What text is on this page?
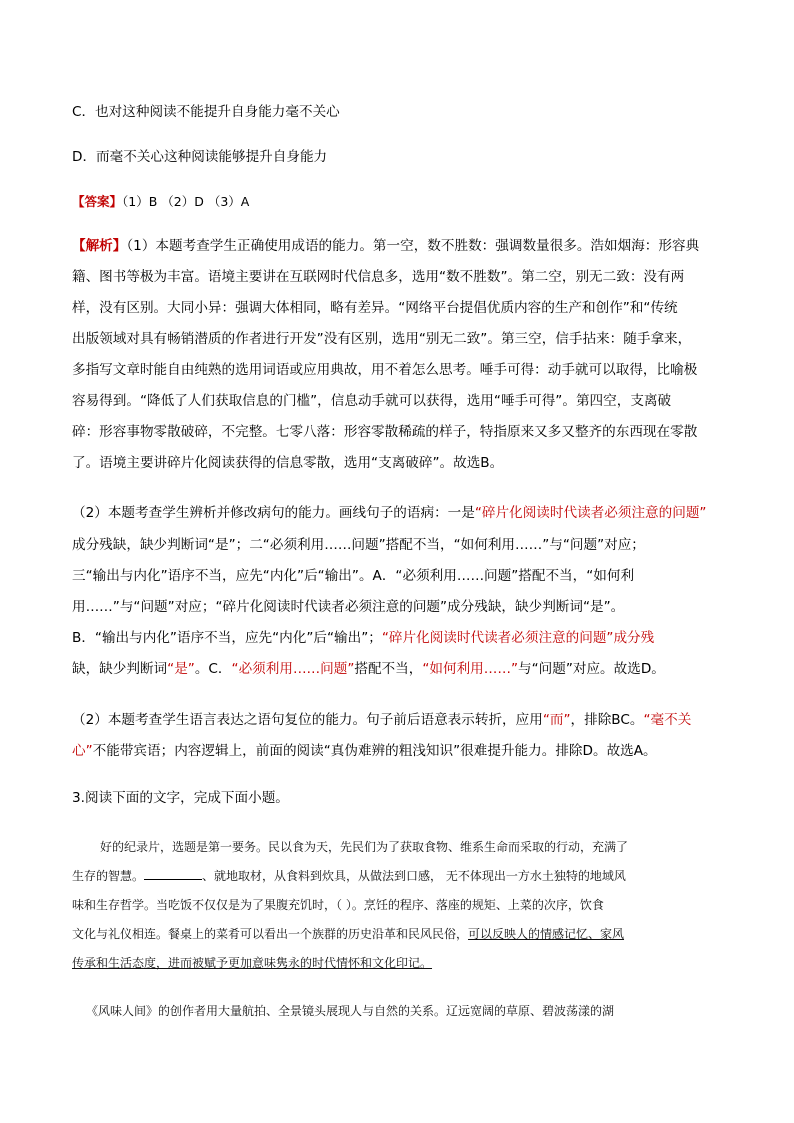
C．也对这种阅读不能提升自身能力毫不关心
D．而毫不关心这种阅读能够提升自身能力
【答案】（1）B （2）D （3）A
【解析】（1）本题考查学生正确使用成语的能力。第一空，数不胜数：强调数量很多。浩如烟海：形容典
籍、图书等极为丰富。语境主要讲在互联网时代信息多，选用“数不胜数”。第二空，别无二致：没有两
样，没有区别。大同小异：强调大体相同，略有差异。“网络平台提倡优质内容的生产和创作”和“传统
出版领域对具有畅销潜质的作者进行开发”没有区别，选用“别无二致”。第三空，信手拈来：随手拿来，
多指写文章时能自由纯熟的选用词语或应用典故，用不着怎么思考。唾手可得：动手就可以取得，比喻极
容易得到。“降低了人们获取信息的门槛”，信息动手就可以获得，选用“唾手可得”。第四空，支离破
碎：形容事物零散破碎，不完整。七零八落：形容零散稀疏的样子，特指原来又多又整齐的东西现在零散
了。语境主要讲碎片化阅读获得的信息零散，选用“支离破碎”。故选B。
（2）本题考查学生辨析并修改病句的能力。画线句子的语病：一是“碎片化阅读时代读者必须注意的问题”
成分残缺，缺少判断词“是”；二“必须利用……问题”搭配不当，“如何利用……”与“问题”对应；
三“输出与内化”语序不当，应先“内化”后“输出”。A．“必须利用……问题”搭配不当，“如何利
用……”与“问题”对应；“碎片化阅读时代读者必须注意的问题”成分残缺，缺少判断词“是”。
B．“输出与内化”语序不当，应先“内化”后“输出”；“碎片化阅读时代读者必须注意的问题”成分残
缺，缺少判断词“是”。C．“必须利用……问题”搭配不当，“如何利用……”与“问题”对应。故选D。
（2）本题考查学生语言表达之语句复位的能力。句子前后语意表示转折，应用“而”，排除BC。“毫不关
心”不能带宾语；内容逻辑上，前面的阅读“真伪难辨的粗浅知识”很难提升能力。排除D。故选A。
3.阅读下面的文字，完成下面小题。
好的纪录片，选题是第一要务。民以食为天，先民们为了获取食物、维系生命而采取的行动，充满了
生存的智慧。	、就地取材，从食料到炊具，从做法到口感， 无不体现出一方水土独特的地域风
味和生存哲学。当吃饭不仅仅是为了果腹充饥时，（ ）。烹饪的程序、落座的规矩、上菜的次序，饮食
文化与礼仪相连。餐桌上的菜肴可以看出一个族群的历史沿革和民风民俗，可以反映人的情感记忆、家风
传承和生活态度，进而被赋予更加意味隽永的时代情怀和文化印记。
《风味人间》的创作者用大量航拍、全景镜头展现人与自然的关系。辽远宽阔的草原、碧波荡漾的湖
